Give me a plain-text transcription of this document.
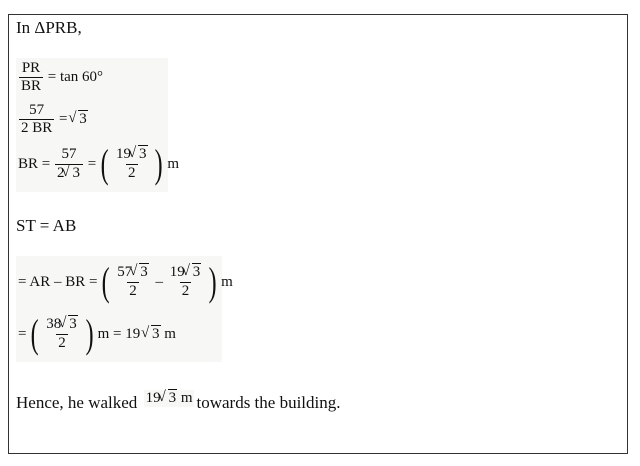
In ΔPRB,
$\frac{PR}{BR} = \tan 60^\circ$
$\frac{57}{2 BR}$ = √ 3
BR = $\frac{57}{2 √ 3}$ = ( $\frac{19 √ 3}{2}$ ) m
ST = AB
= AR – BR = ( $\frac{57 √ 3}{2} - \frac{19 √ 3}{2}$ ) m
= ( $\frac{38 √ 3}{2}$ ) m = 19 √ 3 m
Hence, he walked 19 √ 3 m towards the building.
